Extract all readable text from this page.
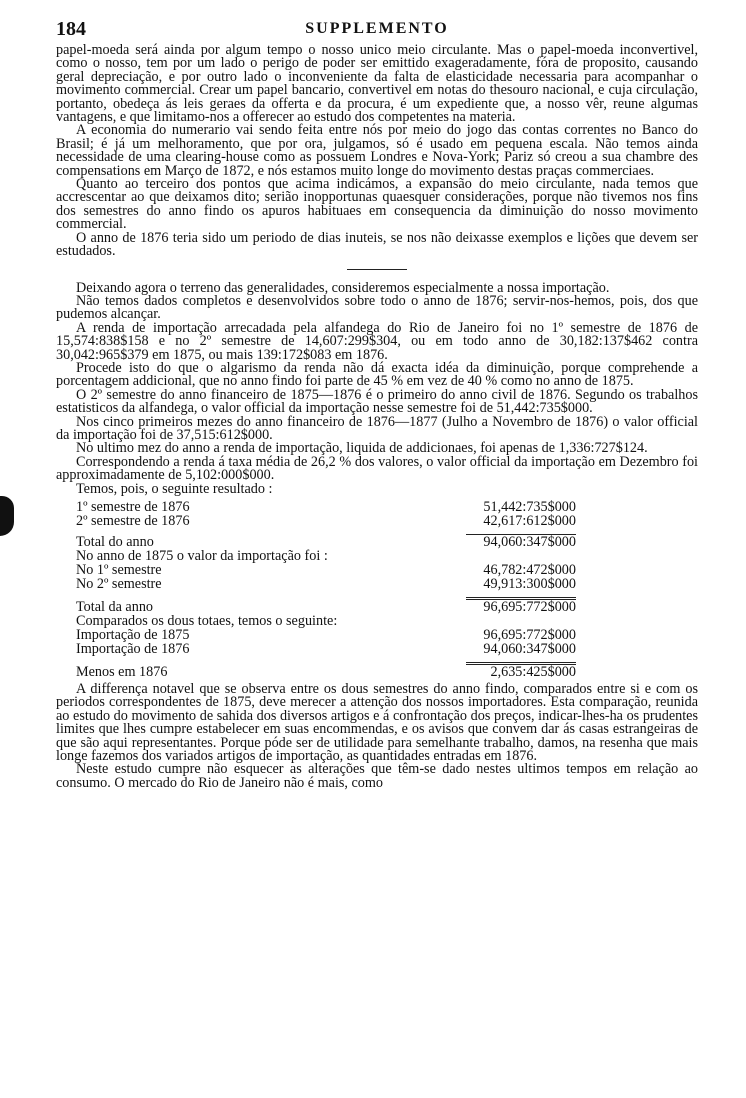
184	SUPPLEMENTO

papel-moeda será ainda por algum tempo o nosso unico meio circulante. Mas o papel-moeda inconvertivel, como o nosso, tem por um lado o perigo de poder ser emittido exageradamente, fóra de proposito, causando geral depreciação, e por outro lado o inconveniente da falta de elasticidade necessaria para acompanhar o movimento commercial. Crear um papel bancario, convertivel em notas do thesouro nacional, e cuja circulação, portanto, obedeça ás leis geraes da offerta e da procura, é um expediente que, a nosso vêr, reune algumas vantagens, e que limitamo-nos a offerecer ao estudo dos competentes na materia.

A economia do numerario vai sendo feita entre nós por meio do jogo das contas correntes no Banco do Brasil; é já um melhoramento, que por ora, julgamos, só é usado em pequena escala. Não temos ainda necessidade de uma clearing-house como as possuem Londres e Nova-York; Pariz só creou a sua chambre des compensations em Março de 1872, e nós estamos muito longe do movimento destas praças commerciaes.

Quanto ao terceiro dos pontos que acima indicámos, a expansão do meio circulante, nada temos que accrescentar ao que deixamos dito; serião inopportunas quaesquer considerações, porque não tivemos nos fins dos semestres do anno findo os apuros habituaes em consequencia da diminuição do nosso movimento commercial.

O anno de 1876 teria sido um periodo de dias inuteis, se nos não deixasse exemplos e lições que devem ser estudados.

Deixando agora o terreno das generalidades, consideremos especialmente a nossa importação.

Não temos dados completos e desenvolvidos sobre todo o anno de 1876; servir-nos-hemos, pois, dos que pudemos alcançar.

A renda de importação arrecadada pela alfandega do Rio de Janeiro foi no 1º semestre de 1876 de 15,574:838$158 e no 2º semestre de 14,607:299$304, ou em todo anno de 30,182:137$462 contra 30,042:965$379 em 1875, ou mais 139:172$083 em 1876.

Procede isto do que o algarismo da renda não dá exacta idéa da diminuição, porque comprehende a porcentagem addicional, que no anno findo foi parte de 45 % em vez de 40 % como no anno de 1875.

O 2º semestre do anno financeiro de 1875—1876 é o primeiro do anno civil de 1876. Segundo os trabalhos estatisticos da alfandega, o valor official da importação nesse semestre foi de 51,442:735$000.

Nos cinco primeiros mezes do anno financeiro de 1876—1877 (Julho a Novembro de 1876) o valor official da importação foi de 37,515:612$000.

No ultimo mez do anno a renda de importação, liquida de addicionaes, foi apenas de 1,336:727$124.

Correspondendo a renda á taxa média de 26,2 % dos valores, o valor official da importação em Dezembro foi approximadamente de 5,102:000$000.

Temos, pois, o seguinte resultado :

1º semestre de 1876	51,442:735$000
2º semestre de 1876	42,617:612$000

Total do anno	94,060:347$000
No anno de 1875 o valor da importação foi :	
No 1º semestre	46,782:472$000
No 2º semestre	49,913:300$000

Total da anno	96,695:772$000
Comparados os dous totaes, temos o seguinte:	
Importação de 1875	96,695:772$000
Importação de 1876	94,060:347$000

Menos em 1876	2,635:425$000

A differença notavel que se observa entre os dous semestres do anno findo, comparados entre si e com os periodos correspondentes de 1875, deve merecer a attenção dos nossos importadores. Esta comparação, reunida ao estudo do movimento de sahida dos diversos artigos e á confrontação dos preços, indicar-lhes-ha os prudentes limites que lhes cumpre estabelecer em suas encommendas, e os avisos que convem dar ás casas estrangeiras de que são aqui representantes. Porque póde ser de utilidade para semelhante trabalho, damos, na resenha que mais longe fazemos dos variados artigos de importação, as quantidades entradas em 1876.

Neste estudo cumpre não esquecer as alterações que têm-se dado nestes ultimos tempos em relação ao consumo. O mercado do Rio de Janeiro não é mais, como
